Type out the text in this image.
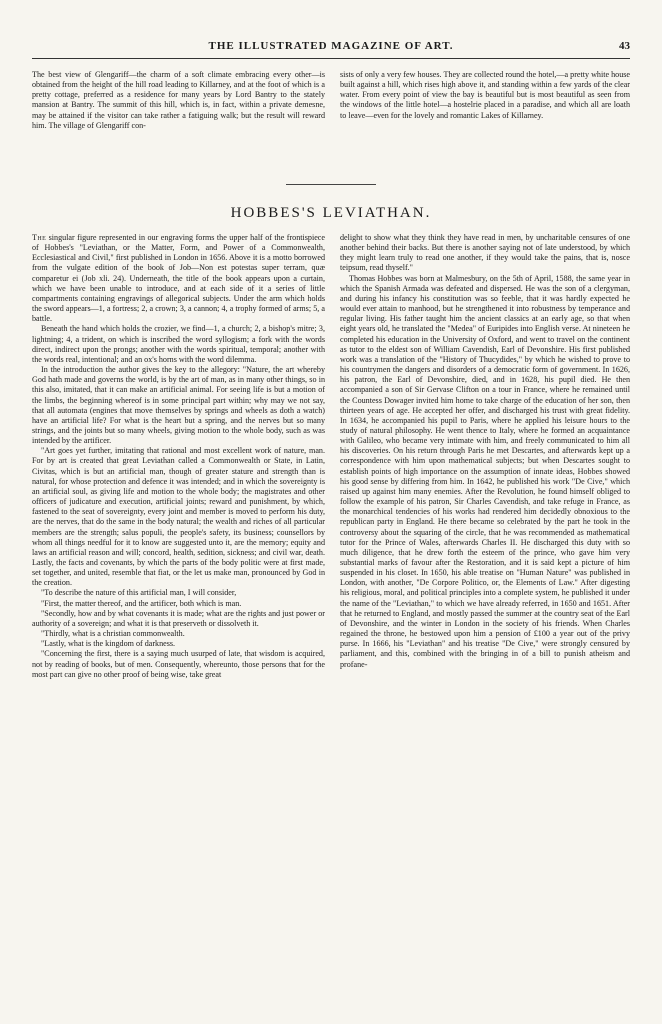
THE ILLUSTRATED MAGAZINE OF ART.	43

The best view of Glengariff—the charm of a soft climate embracing every other—is obtained from the height of the hill road leading to Killarney, and at the foot of which is a pretty cottage, preferred as a residence for many years by Lord Bantry to the stately mansion at Bantry. The summit of this hill, which is, in fact, within a private demesne, may be attained if the visitor can take rather a fatiguing walk; but the result will reward him. The village of Glengariff con-

sists of only a very few houses. They are collected round the hotel,—a pretty white house built against a hill, which rises high above it, and standing within a few yards of the clear water. From every point of view the bay is beautiful but is most beautiful as seen from the windows of the little hotel—a hostelrie placed in a paradise, and which all are loath to leave—even for the lovely and romantic Lakes of Killarney.

HOBBES'S LEVIATHAN.

The singular figure represented in our engraving forms the upper half of the frontispiece of Hobbes's "Leviathan, or the Matter, Form, and Power of a Commonwealth, Ecclesiastical and Civil," first published in London in 1656. Above it is a motto borrowed from the vulgate edition of the book of Job—Non est potestas super terram, quæ comparetur ei (Job xli. 24). Underneath, the title of the book appears upon a curtain, which we have been unable to introduce, and at each side of it a series of little compartments containing engravings of allegorical subjects. Under the arm which holds the sword appears—1, a fortress; 2, a crown; 3, a cannon; 4, a trophy formed of arms; 5, a battle.

Beneath the hand which holds the crozier, we find—1, a church; 2, a bishop's mitre; 3, lightning; 4, a trident, on which is inscribed the word syllogism; a fork with the words direct, indirect upon the prongs; another with the words spiritual, temporal; another with the words real, intentional; and an ox's horns with the word dilemma.

In the introduction the author gives the key to the allegory: "Nature, the art whereby God hath made and governs the world, is by the art of man, as in many other things, so in this also, imitated, that it can make an artificial animal. For seeing life is but a motion of the limbs, the beginning whereof is in some principal part within; why may we not say, that all automata (engines that move themselves by springs and wheels as doth a watch) have an artificial life? For what is the heart but a spring, and the nerves but so many strings, and the joints but so many wheels, giving motion to the whole body, such as was intended by the artificer.

"Art goes yet further, imitating that rational and most excellent work of nature, man. For by art is created that great Leviathan called a Commonwealth or State, in Latin, Civitas, which is but an artificial man, though of greater stature and strength than is natural, for whose protection and defence it was intended; and in which the sovereignty is an artificial soul, as giving life and motion to the whole body; the magistrates and other officers of judicature and execution, artificial joints; reward and punishment, by which, fastened to the seat of sovereignty, every joint and member is moved to perform his duty, are the nerves, that do the same in the body natural; the wealth and riches of all particular members are the strength; salus populi, the people's safety, its business; counsellors by whom all things needful for it to know are suggested unto it, are the memory; equity and laws an artificial reason and will; concord, health, sedition, sickness; and civil war, death. Lastly, the facts and covenants, by which the parts of the body politic were at first made, set together, and united, resemble that fiat, or the let us make man, pronounced by God in the creation.

"To describe the nature of this artificial man, I will consider,

"First, the matter thereof, and the artificer, both which is man.

"Secondly, how and by what covenants it is made; what are the rights and just power or authority of a sovereign; and what it is that preserveth or dissolveth it.

"Thirdly, what is a christian commonwealth.

"Lastly, what is the kingdom of darkness.

"Concerning the first, there is a saying much usurped of late, that wisdom is acquired, not by reading of books, but of men. Consequently, whereunto, those persons that for the most part can give no other proof of being wise, take great

delight to show what they think they have read in men, by uncharitable censures of one another behind their backs. But there is another saying not of late understood, by which they might learn truly to read one another, if they would take the pains, that is, nosce teipsum, read thyself."

Thomas Hobbes was born at Malmesbury, on the 5th of April, 1588, the same year in which the Spanish Armada was defeated and dispersed. He was the son of a clergyman, and during his infancy his constitution was so feeble, that it was hardly expected he would ever attain to manhood, but he strengthened it into robustness by temperance and regular living. His father taught him the ancient classics at an early age, so that when eight years old, he translated the "Medea" of Euripides into English verse. At nineteen he completed his education in the University of Oxford, and went to travel on the continent as tutor to the eldest son of William Cavendish, Earl of Devonshire. His first published work was a translation of the "History of Thucydides," by which he wished to prove to his countrymen the dangers and disorders of a democratic form of government. In 1626, his patron, the Earl of Devonshire, died, and in 1628, his pupil died. He then accompanied a son of Sir Gervase Clifton on a tour in France, where he remained until the Countess Dowager invited him home to take charge of the education of her son, then thirteen years of age. He accepted her offer, and discharged his trust with great fidelity. In 1634, he accompanied his pupil to Paris, where he applied his leisure hours to the study of natural philosophy. He went thence to Italy, where he formed an acquaintance with Galileo, who became very intimate with him, and freely communicated to him all his discoveries. On his return through Paris he met Descartes, and afterwards kept up a correspondence with him upon mathematical subjects; but when Descartes sought to establish points of high importance on the assumption of innate ideas, Hobbes showed his good sense by differing from him. In 1642, he published his work "De Cive," which raised up against him many enemies. After the Revolution, he found himself obliged to follow the example of his patron, Sir Charles Cavendish, and take refuge in France, as the monarchical tendencies of his works had rendered him decidedly obnoxious to the republican party in England. He there became so celebrated by the part he took in the controversy about the squaring of the circle, that he was recommended as mathematical tutor for the Prince of Wales, afterwards Charles II. He discharged this duty with so much diligence, that he drew forth the esteem of the prince, who gave him very substantial marks of favour after the Restoration, and it is said kept a picture of him suspended in his closet. In 1650, his able treatise on "Human Nature" was published in London, with another, "De Corpore Politico, or, the Elements of Law." After digesting his religious, moral, and political principles into a complete system, he published it under the name of the "Leviathan," to which we have already referred, in 1650 and 1651. After that he returned to England, and mostly passed the summer at the country seat of the Earl of Devonshire, and the winter in London in the society of his friends. When Charles regained the throne, he bestowed upon him a pension of £100 a year out of the privy purse. In 1666, his "Leviathan" and his treatise "De Cive," were strongly censured by parliament, and this, combined with the bringing in of a bill to punish atheism and profane-
